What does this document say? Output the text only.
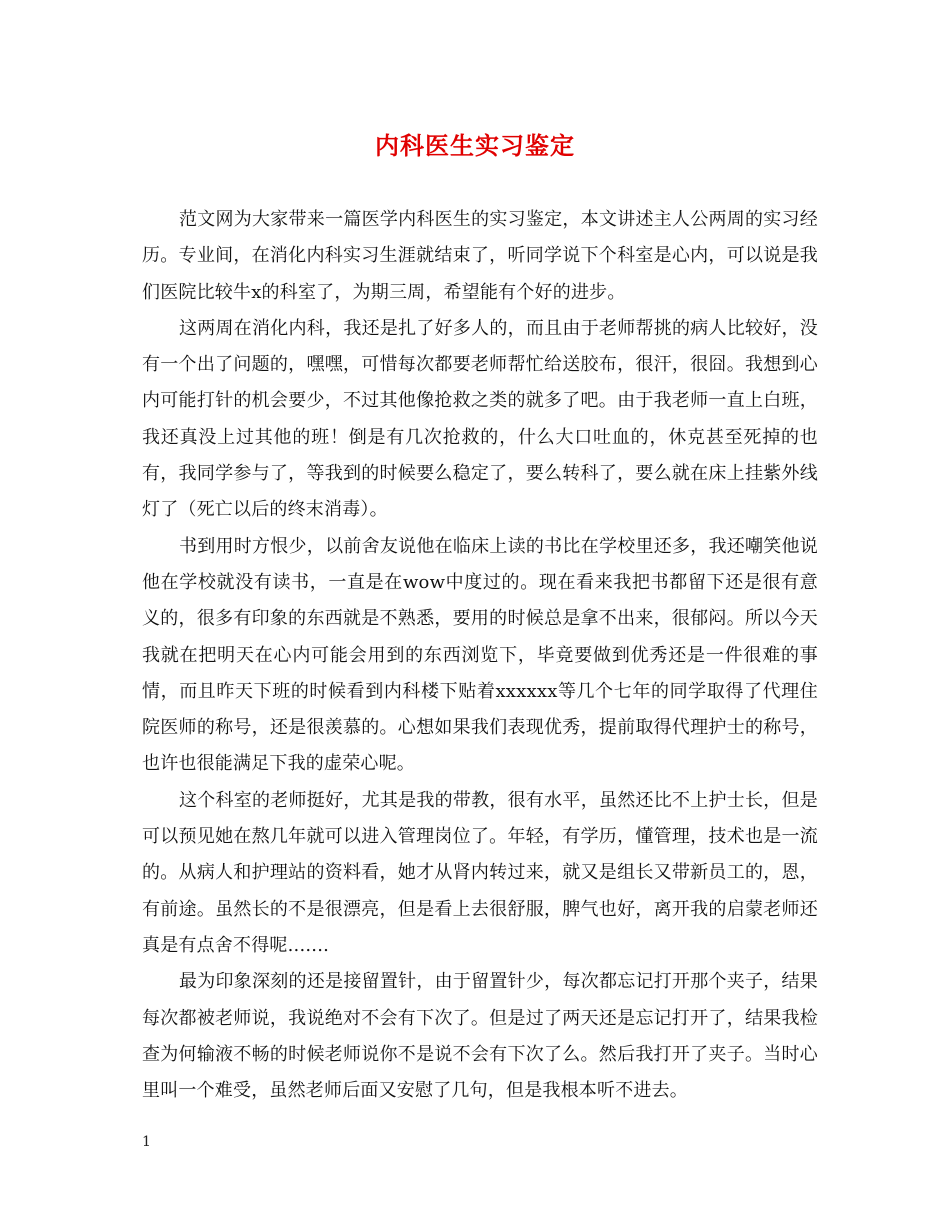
内科医生实习鉴定

范文网为大家带来一篇医学内科医生的实习鉴定，本文讲述主人公两周的实习经历。专业间，在消化内科实习生涯就结束了，听同学说下个科室是心内，可以说是我们医院比较牛x的科室了，为期三周，希望能有个好的进步。

这两周在消化内科，我还是扎了好多人的，而且由于老师帮挑的病人比较好，没有一个出了问题的，嘿嘿，可惜每次都要老师帮忙给送胶布，很汗，很囧。我想到心内可能打针的机会要少，不过其他像抢救之类的就多了吧。由于我老师一直上白班，我还真没上过其他的班！倒是有几次抢救的，什么大口吐血的，休克甚至死掉的也有，我同学参与了，等我到的时候要么稳定了，要么转科了，要么就在床上挂紫外线灯了（死亡以后的终末消毒）。

书到用时方恨少，以前舍友说他在临床上读的书比在学校里还多，我还嘲笑他说他在学校就没有读书，一直是在wow中度过的。现在看来我把书都留下还是很有意义的，很多有印象的东西就是不熟悉，要用的时候总是拿不出来，很郁闷。所以今天我就在把明天在心内可能会用到的东西浏览下，毕竟要做到优秀还是一件很难的事情，而且昨天下班的时候看到内科楼下贴着xxxxxx等几个七年的同学取得了代理住院医师的称号，还是很羡慕的。心想如果我们表现优秀，提前取得代理护士的称号，也许也很能满足下我的虚荣心呢。

这个科室的老师挺好，尤其是我的带教，很有水平，虽然还比不上护士长，但是可以预见她在熬几年就可以进入管理岗位了。年轻，有学历，懂管理，技术也是一流的。从病人和护理站的资料看，她才从肾内转过来，就又是组长又带新员工的，恩，有前途。虽然长的不是很漂亮，但是看上去很舒服，脾气也好，离开我的启蒙老师还真是有点舍不得呢.......

最为印象深刻的还是接留置针，由于留置针少，每次都忘记打开那个夹子，结果每次都被老师说，我说绝对不会有下次了。但是过了两天还是忘记打开了，结果我检查为何输液不畅的时候老师说你不是说不会有下次了么。然后我打开了夹子。当时心里叫一个难受，虽然老师后面又安慰了几句，但是我根本听不进去。

1
